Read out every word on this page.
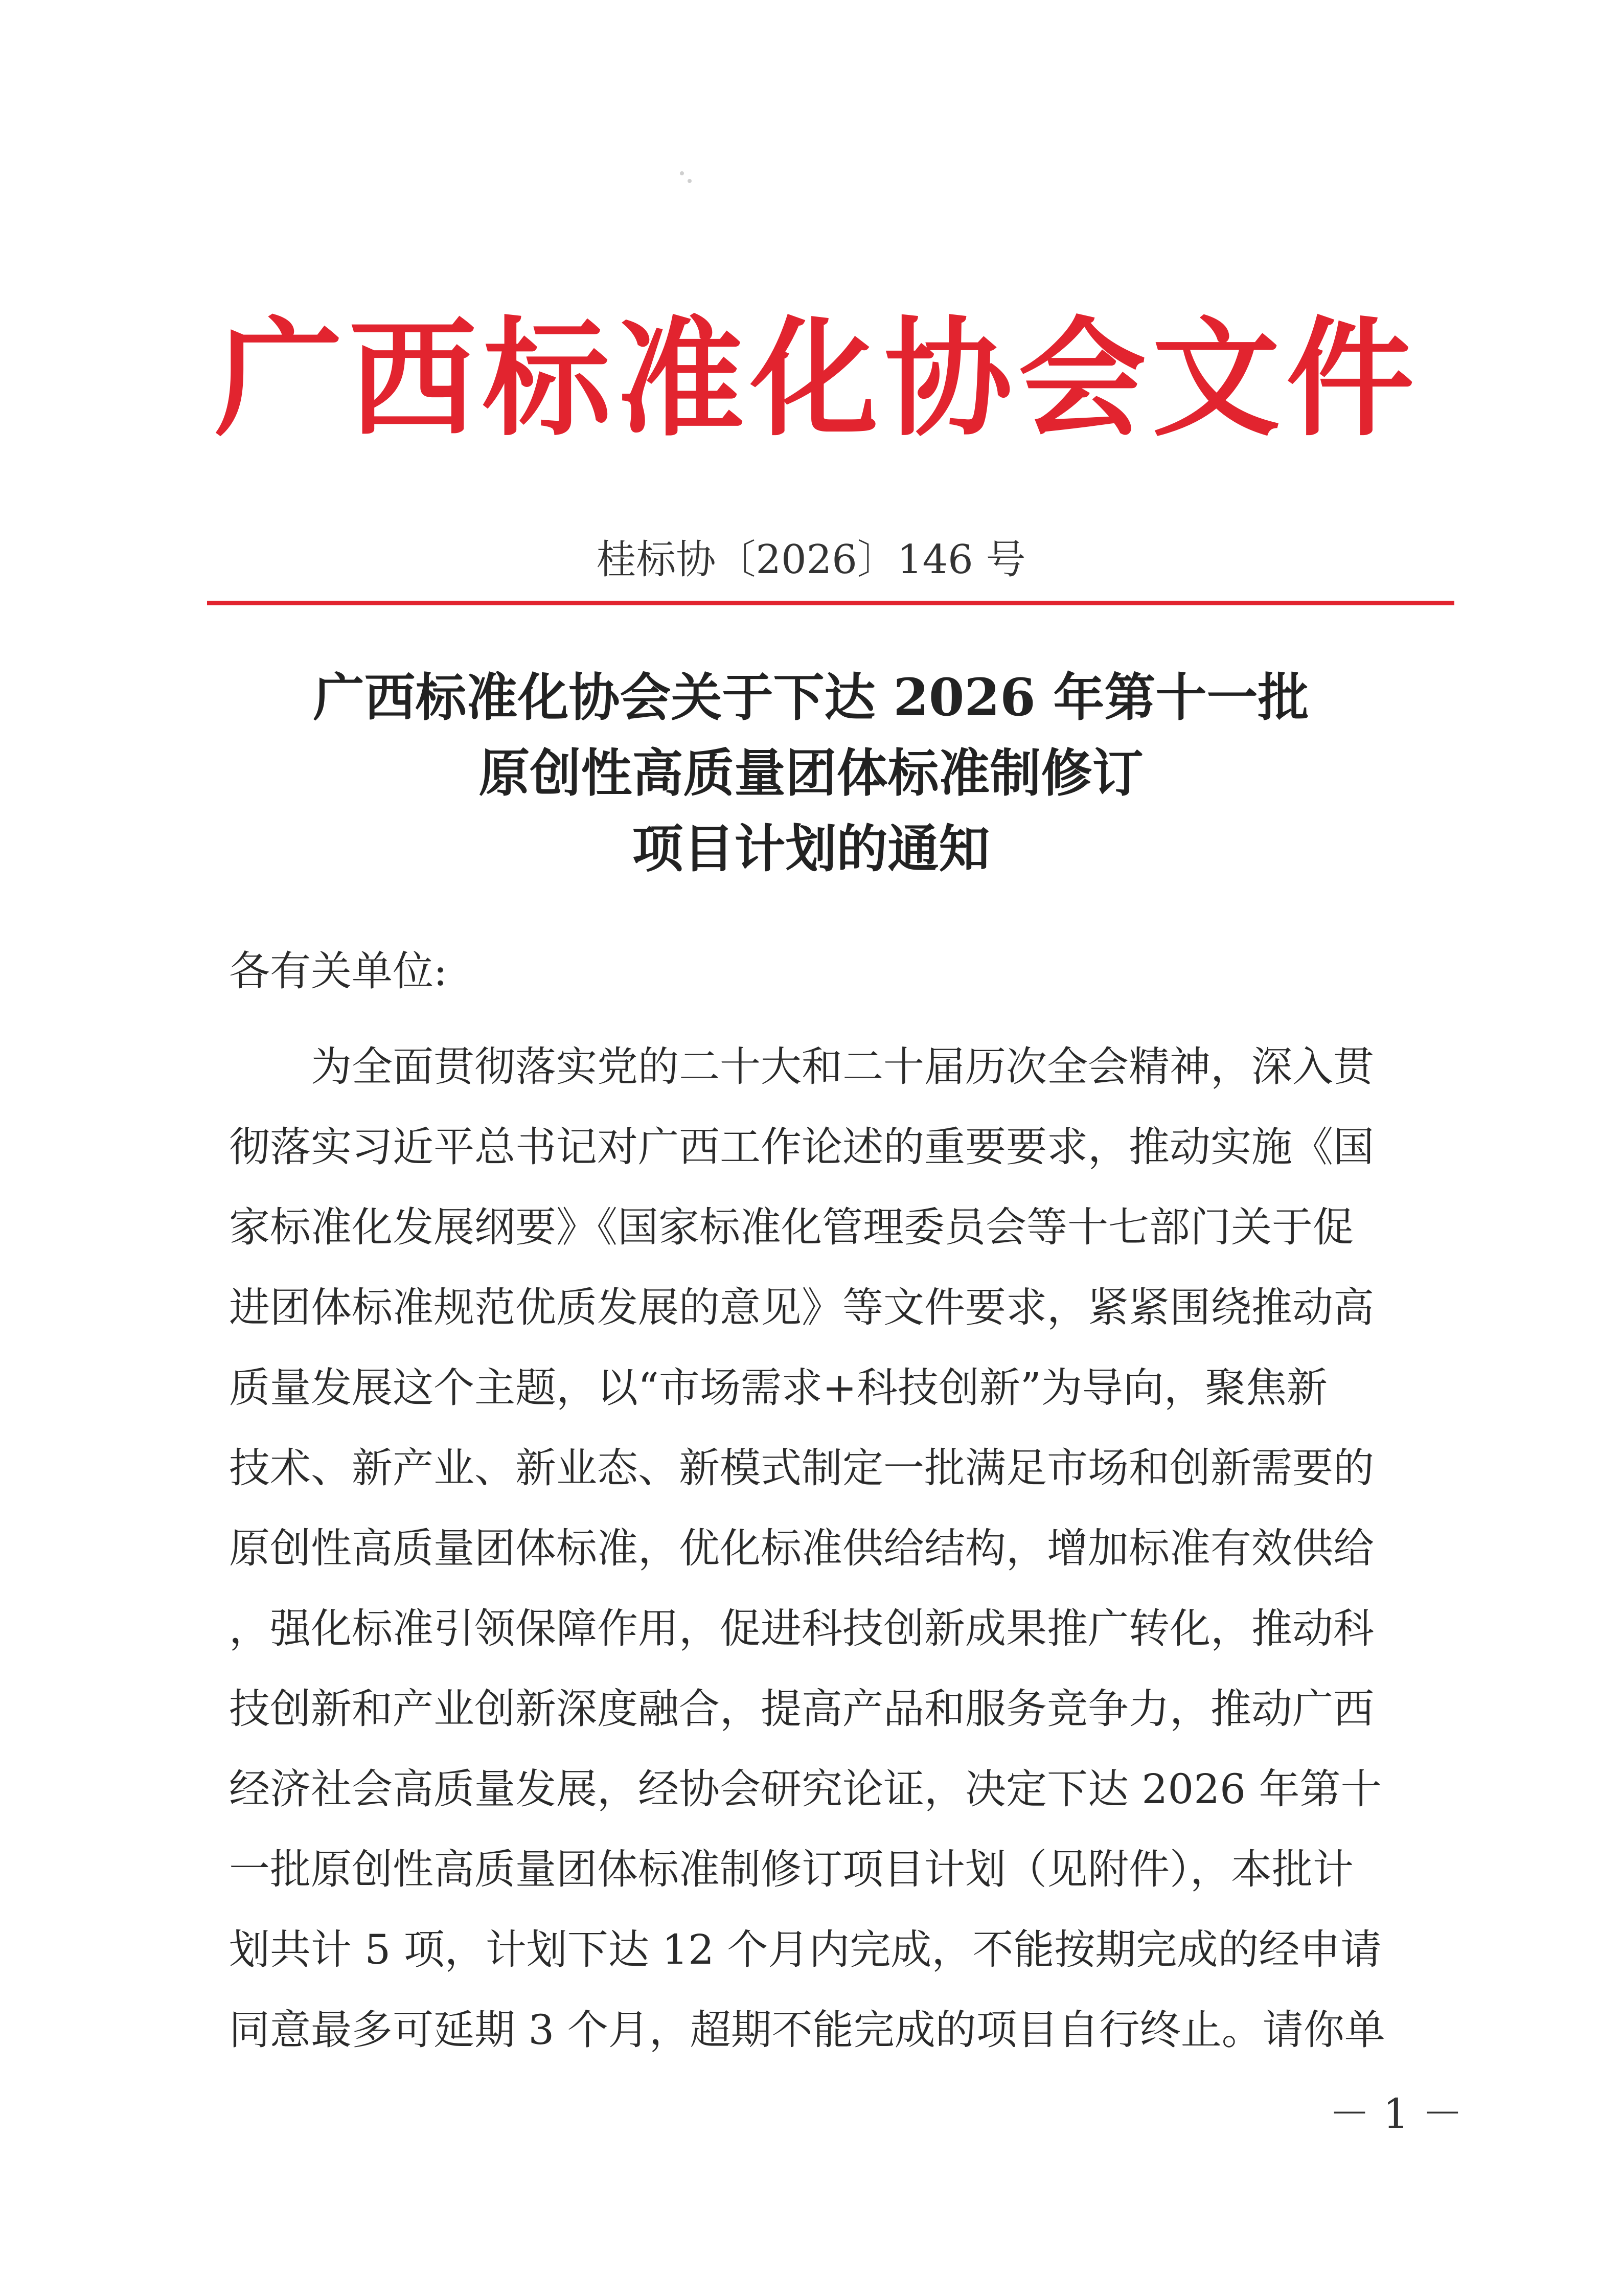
广西标准化协会文件
桂标协〔2026〕146 号
广西标准化协会关于下达 2026 年第十一批
原创性高质量团体标准制修订
项目计划的通知
各有关单位:
　　为全面贯彻落实党的二十大和二十届历次全会精神，深入贯
彻落实习近平总书记对广西工作论述的重要要求，推动实施《国
家标准化发展纲要》《国家标准化管理委员会等十七部门关于促
进团体标准规范优质发展的意见》等文件要求，紧紧围绕推动高
质量发展这个主题，以“市场需求+科技创新”为导向，聚焦新
技术、新产业、新业态、新模式制定一批满足市场和创新需要的
原创性高质量团体标准，优化标准供给结构，增加标准有效供给
，强化标准引领保障作用，促进科技创新成果推广转化，推动科
技创新和产业创新深度融合，提高产品和服务竞争力，推动广西
经济社会高质量发展，经协会研究论证，决定下达 2026 年第十
一批原创性高质量团体标准制修订项目计划（见附件），本批计
划共计 5 项，计划下达 12 个月内完成，不能按期完成的经申请
同意最多可延期 3 个月，超期不能完成的项目自行终止。请你单
－ 1 －
